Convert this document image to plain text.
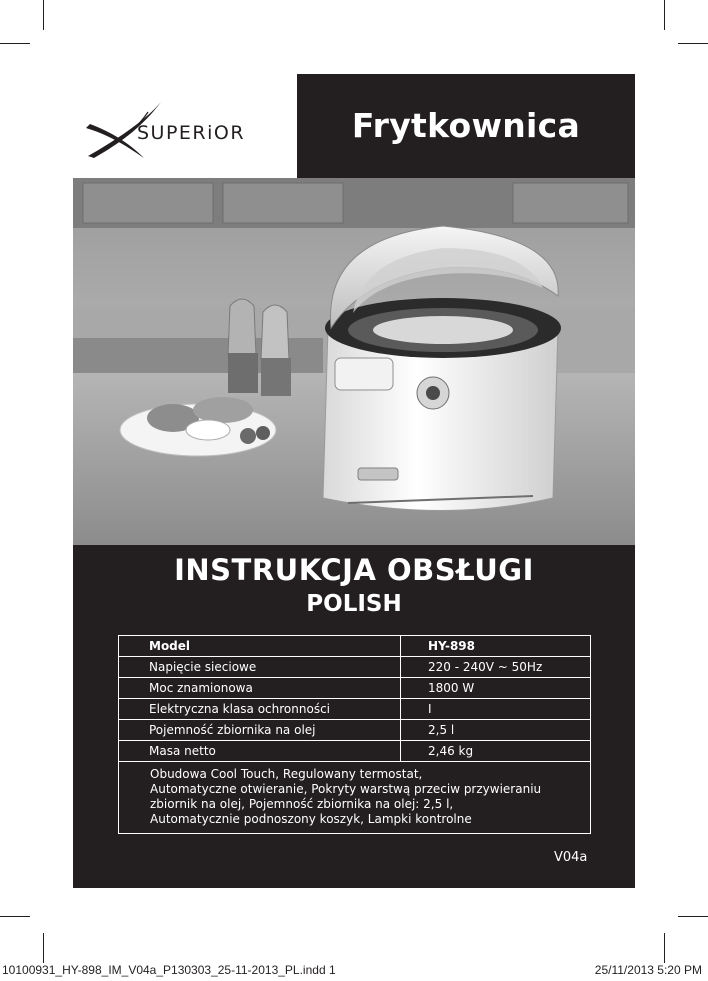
SUPERiOR	Frytkownica
INSTRUKCJA OBSŁUGI
POLISH
Model	HY-898
Napięcie sieciowe	220 - 240V ~ 50Hz
Moc znamionowa	1800 W
Elektryczna klasa ochronności	I
Pojemność zbiornika na olej	2,5 l
Masa netto	2,46 kg
Obudowa Cool Touch, Regulowany termostat,
Automatyczne otwieranie, Pokryty warstwą przeciw przywieraniu
zbiornik na olej, Pojemność zbiornika na olej: 2,5 l,
Automatycznie podnoszony koszyk, Lampki kontrolne
V04a
10100931_HY-898_IM_V04a_P130303_25-11-2013_PL.indd 1	25/11/2013 5:20 PM
